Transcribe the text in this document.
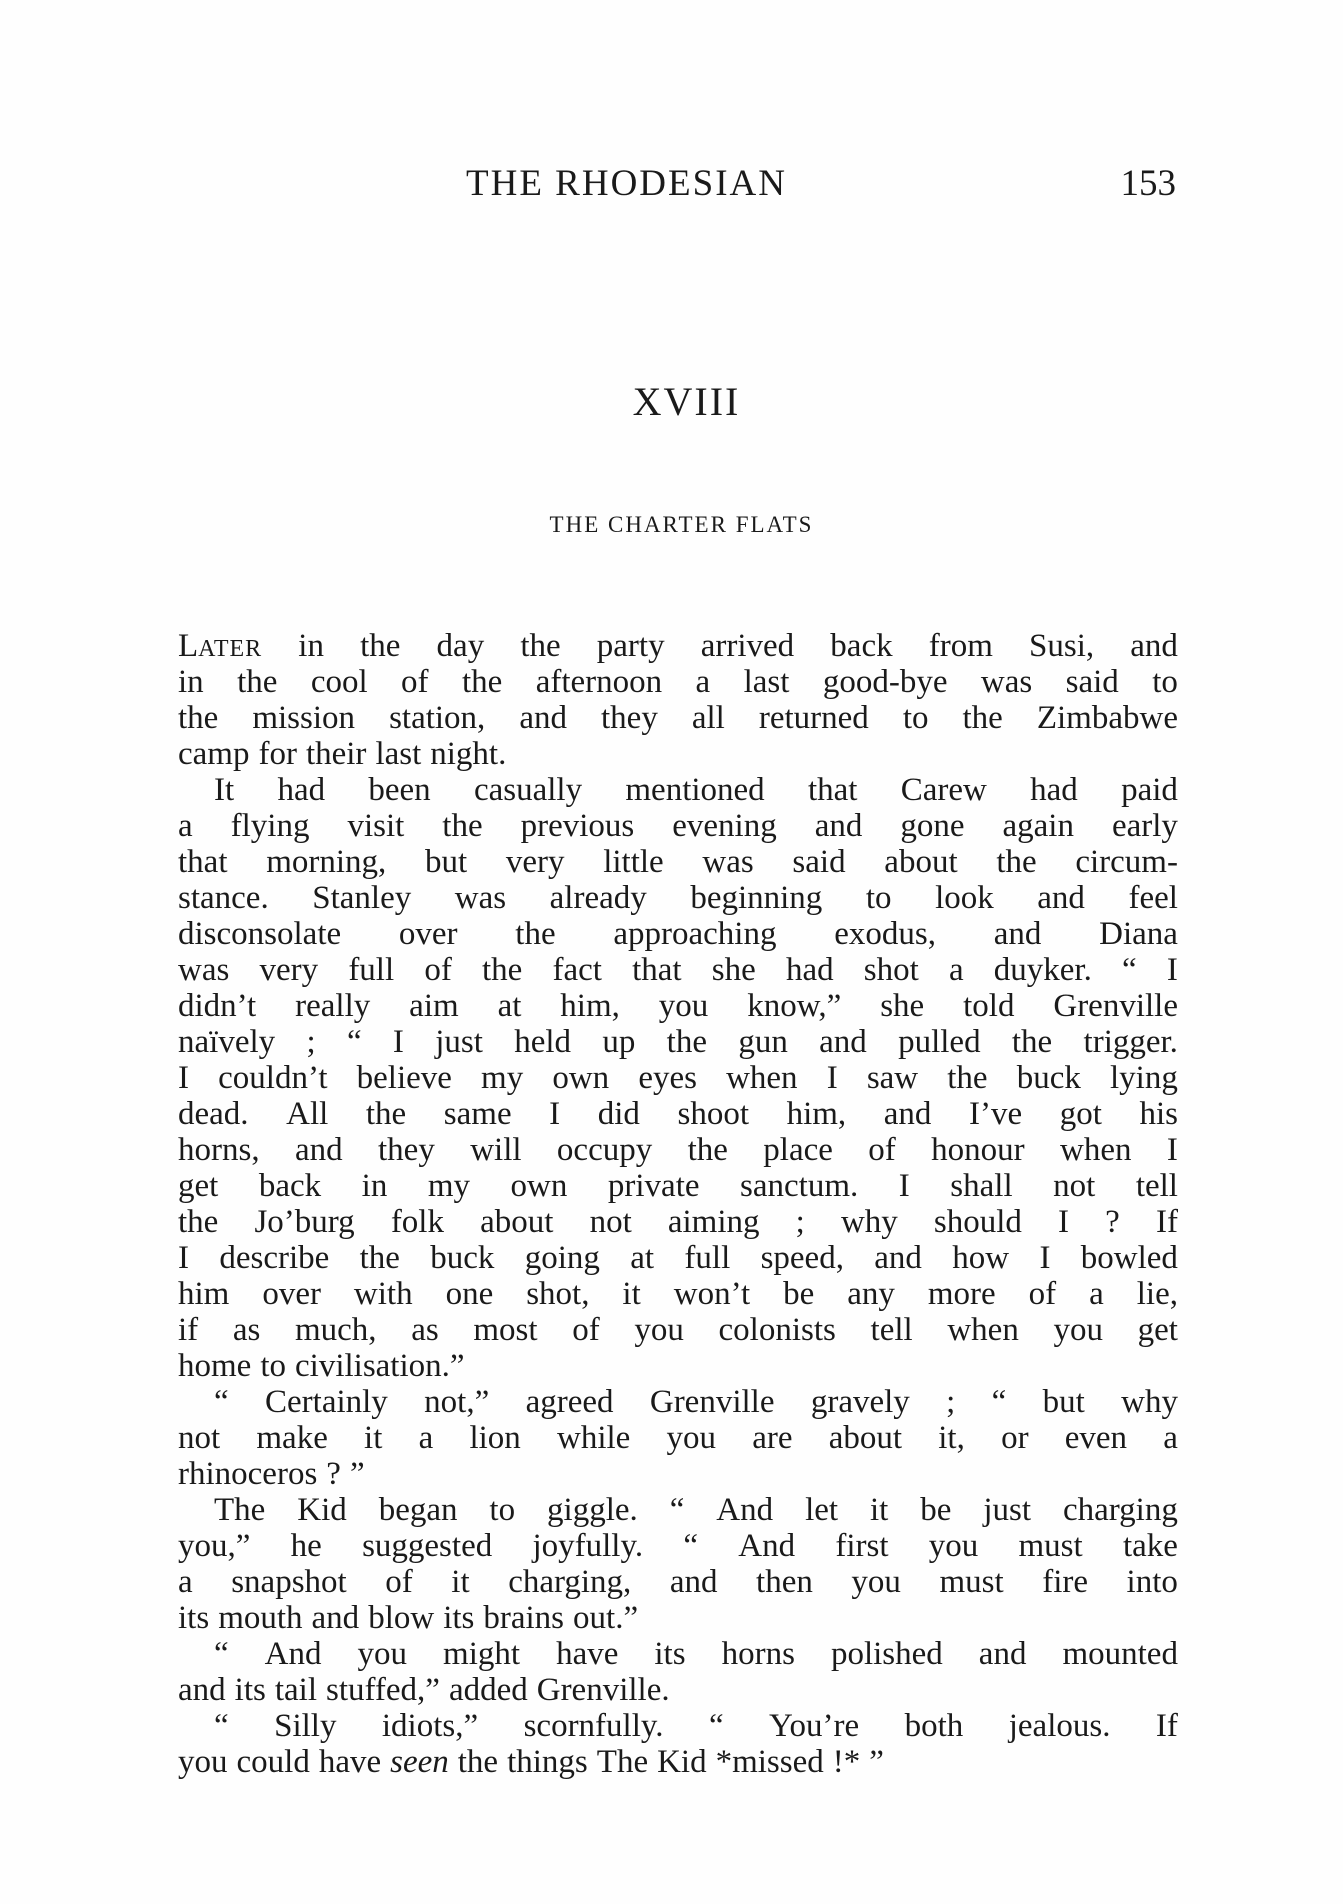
THE RHODESIAN	153
XVIII
THE CHARTER FLATS
LATER in the day the party arrived back from Susi, and
in the cool of the afternoon a last good-bye was said to
the mission station, and they all returned to the Zimbabwe
camp for their last night.
It had been casually mentioned that Carew had paid
a flying visit the previous evening and gone again early
that morning, but very little was said about the circum-
stance. Stanley was already beginning to look and feel
disconsolate over the approaching exodus, and Diana
was very full of the fact that she had shot a duyker. “ I
didn’t really aim at him, you know,” she told Grenville
naïvely ; “ I just held up the gun and pulled the trigger.
I couldn’t believe my own eyes when I saw the buck lying
dead. All the same I did shoot him, and I’ve got his
horns, and they will occupy the place of honour when I
get back in my own private sanctum. I shall not tell
the Jo’burg folk about not aiming ; why should I ? If
I describe the buck going at full speed, and how I bowled
him over with one shot, it won’t be any more of a lie,
if as much, as most of you colonists tell when you get
home to civilisation.”
“ Certainly not,” agreed Grenville gravely ; “ but why
not make it a lion while you are about it, or even a
rhinoceros ? ”
The Kid began to giggle. “ And let it be just charging
you,” he suggested joyfully. “ And first you must take
a snapshot of it charging, and then you must fire into
its mouth and blow its brains out.”
“ And you might have its horns polished and mounted
and its tail stuffed,” added Grenville.
“ Silly idiots,” scornfully. “ You’re both jealous. If
you could have seen the things The Kid *missed !* ”
